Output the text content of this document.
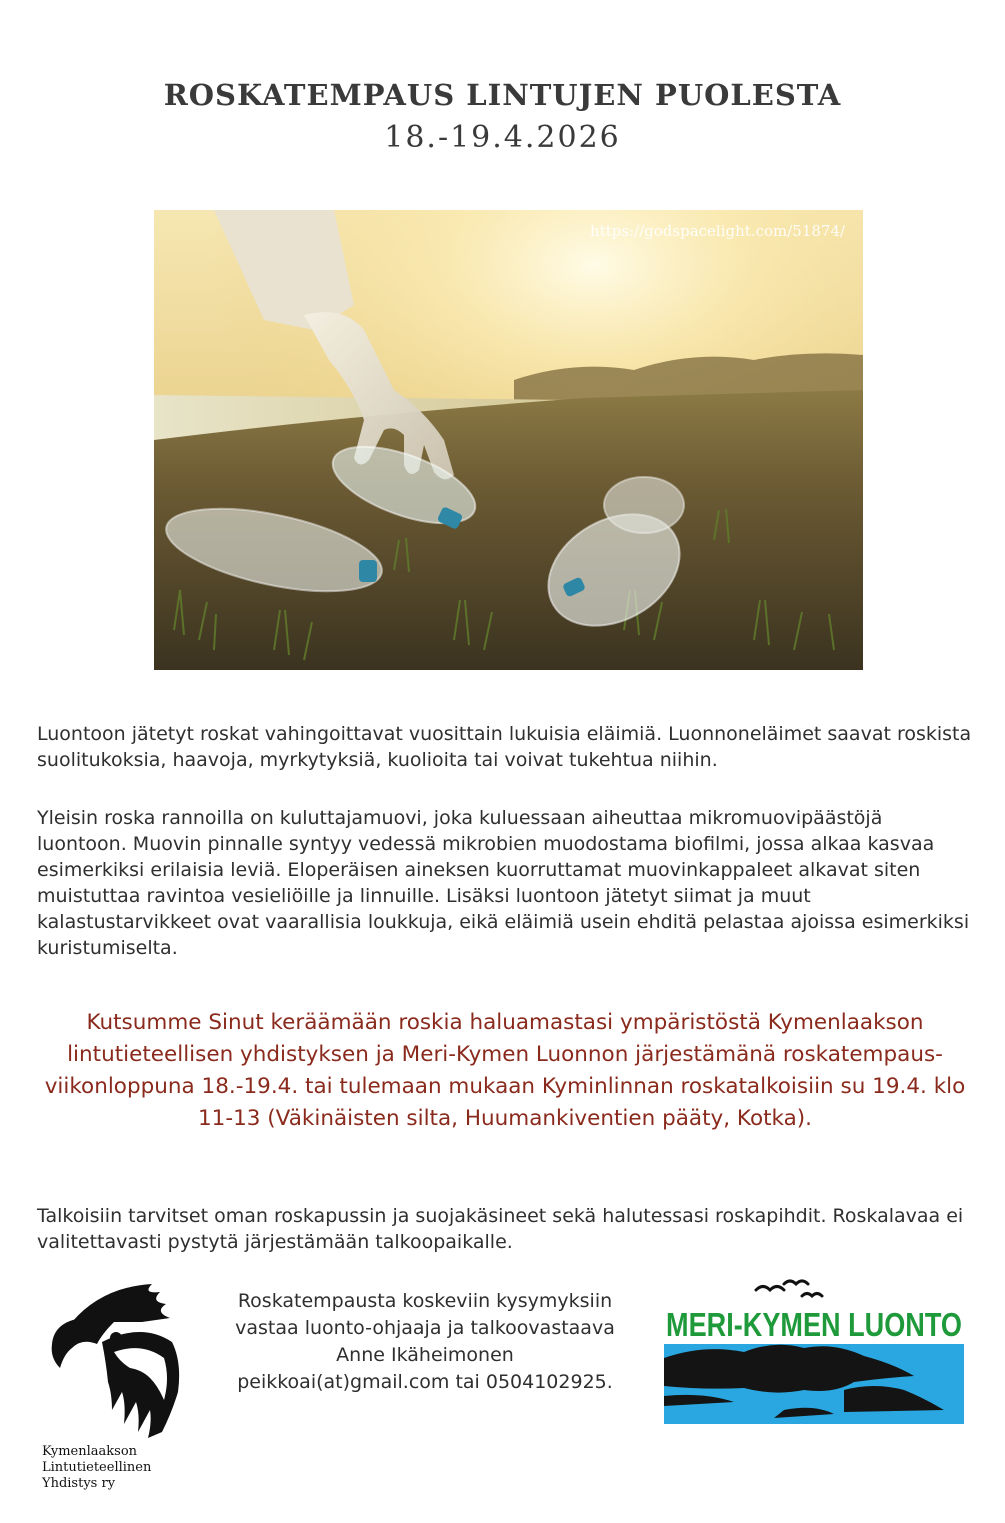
ROSKATEMPAUS LINTUJEN PUOLESTA
18.-19.4.2026
https://godspacelight.com/51874/

Luontoon jätetyt roskat vahingoittavat vuosittain lukuisia eläimiä. Luonnoneläimet saavat roskista suolitukoksia, haavoja, myrkytyksiä, kuolioita tai voivat tukehtua niihin.

Yleisin roska rannoilla on kuluttajamuovi, joka kuluessaan aiheuttaa mikromuovipäästöjä luontoon. Muovin pinnalle syntyy vedessä mikrobien muodostama biofilmi, jossa alkaa kasvaa esimerkiksi erilaisia leviä. Eloperäisen aineksen kuorruttamat muovinkappaleet alkavat siten muistuttaa ravintoa vesieliöille ja linnuille. Lisäksi luontoon jätetyt siimat ja muut kalastustarvikkeet ovat vaarallisia loukkuja, eikä eläimiä usein ehditä pelastaa ajoissa esimerkiksi kuristumiselta.

Kutsumme Sinut keräämään roskia haluamastasi ympäristöstä Kymenlaakson lintutieteellisen yhdistyksen ja Meri-Kymen Luonnon järjestämänä roskatempaus-viikonloppuna 18.-19.4. tai tulemaan mukaan Kyminlinnan roskatalkoisiin su 19.4. klo 11-13 (Väkinäisten silta, Huumankiventien pääty, Kotka).

Talkoisiin tarvitset oman roskapussin ja suojakäsineet sekä halutessasi roskapihdit. Roskalavaa ei valitettavasti pystytä järjestämään talkoopaikalle.

Kymenlaakson
Lintutieteellinen
Yhdistys ry
Roskatempausta koskeviin kysymyksiin
vastaa luonto-ohjaaja ja talkoovastaava
Anne Ikäheimonen
peikkoai(at)gmail.com tai 0504102925.
MERI-KYMEN LUONTO
